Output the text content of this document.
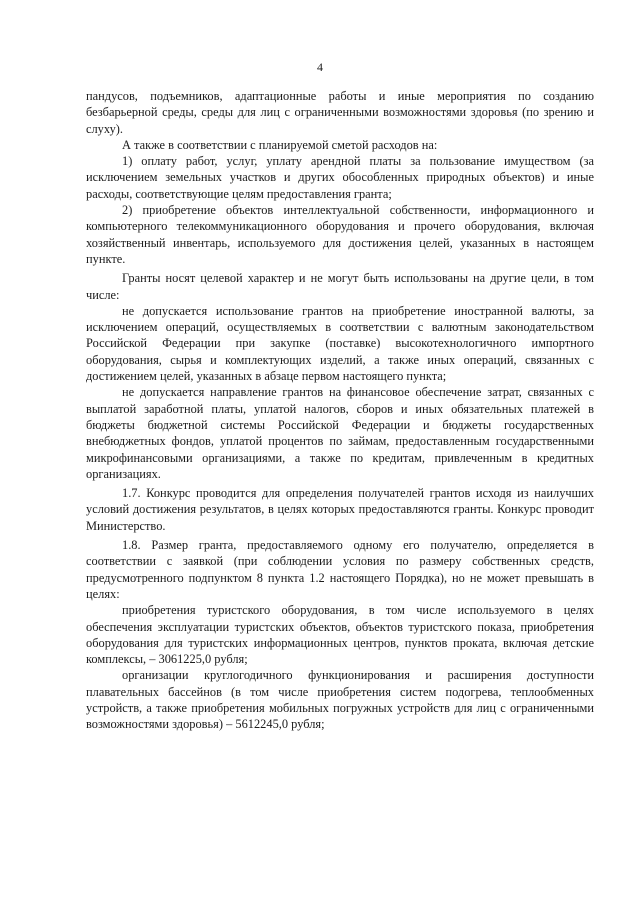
4

пандусов, подъемников, адаптационные работы и иные мероприятия по созданию безбарьерной среды, среды для лиц с ограниченными возможностями здоровья (по зрению и слуху).

А также в соответствии с планируемой сметой расходов на:

1) оплату работ, услуг, уплату арендной платы за пользование имуществом (за исключением земельных участков и других обособленных природных объектов) и иные расходы, соответствующие целям предоставления гранта;

2) приобретение объектов интеллектуальной собственности, информационного и компьютерного телекоммуникационного оборудования и прочего оборудования, включая хозяйственный инвентарь, используемого для достижения целей, указанных в настоящем пункте.

Гранты носят целевой характер и не могут быть использованы на другие цели, в том числе:

не допускается использование грантов на приобретение иностранной валюты, за исключением операций, осуществляемых в соответствии с валютным законодательством Российской Федерации при закупке (поставке) высокотехнологичного импортного оборудования, сырья и комплектующих изделий, а также иных операций, связанных с достижением целей, указанных в абзаце первом настоящего пункта;

не допускается направление грантов на финансовое обеспечение затрат, связанных с выплатой заработной платы, уплатой налогов, сборов и иных обязательных платежей в бюджеты бюджетной системы Российской Федерации и бюджеты государственных внебюджетных фондов, уплатой процентов по займам, предоставленным государственными микрофинансовыми организациями, а также по кредитам, привлеченным в кредитных организациях.

1.7. Конкурс проводится для определения получателей грантов исходя из наилучших условий достижения результатов, в целях которых предоставляются гранты. Конкурс проводит Министерство.

1.8. Размер гранта, предоставляемого одному его получателю, определяется в соответствии с заявкой (при соблюдении условия по размеру собственных средств, предусмотренного подпунктом 8 пункта 1.2 настоящего Порядка), но не может превышать в целях:

приобретения туристского оборудования, в том числе используемого в целях обеспечения эксплуатации туристских объектов, объектов туристского показа, приобретения оборудования для туристских информационных центров, пунктов проката, включая детские комплексы, – 3061225,0 рубля;

организации круглогодичного функционирования и расширения доступности плавательных бассейнов (в том числе приобретения систем подогрева, теплообменных устройств, а также приобретения мобильных погружных устройств для лиц с ограниченными возможностями здоровья) – 5612245,0 рубля;
